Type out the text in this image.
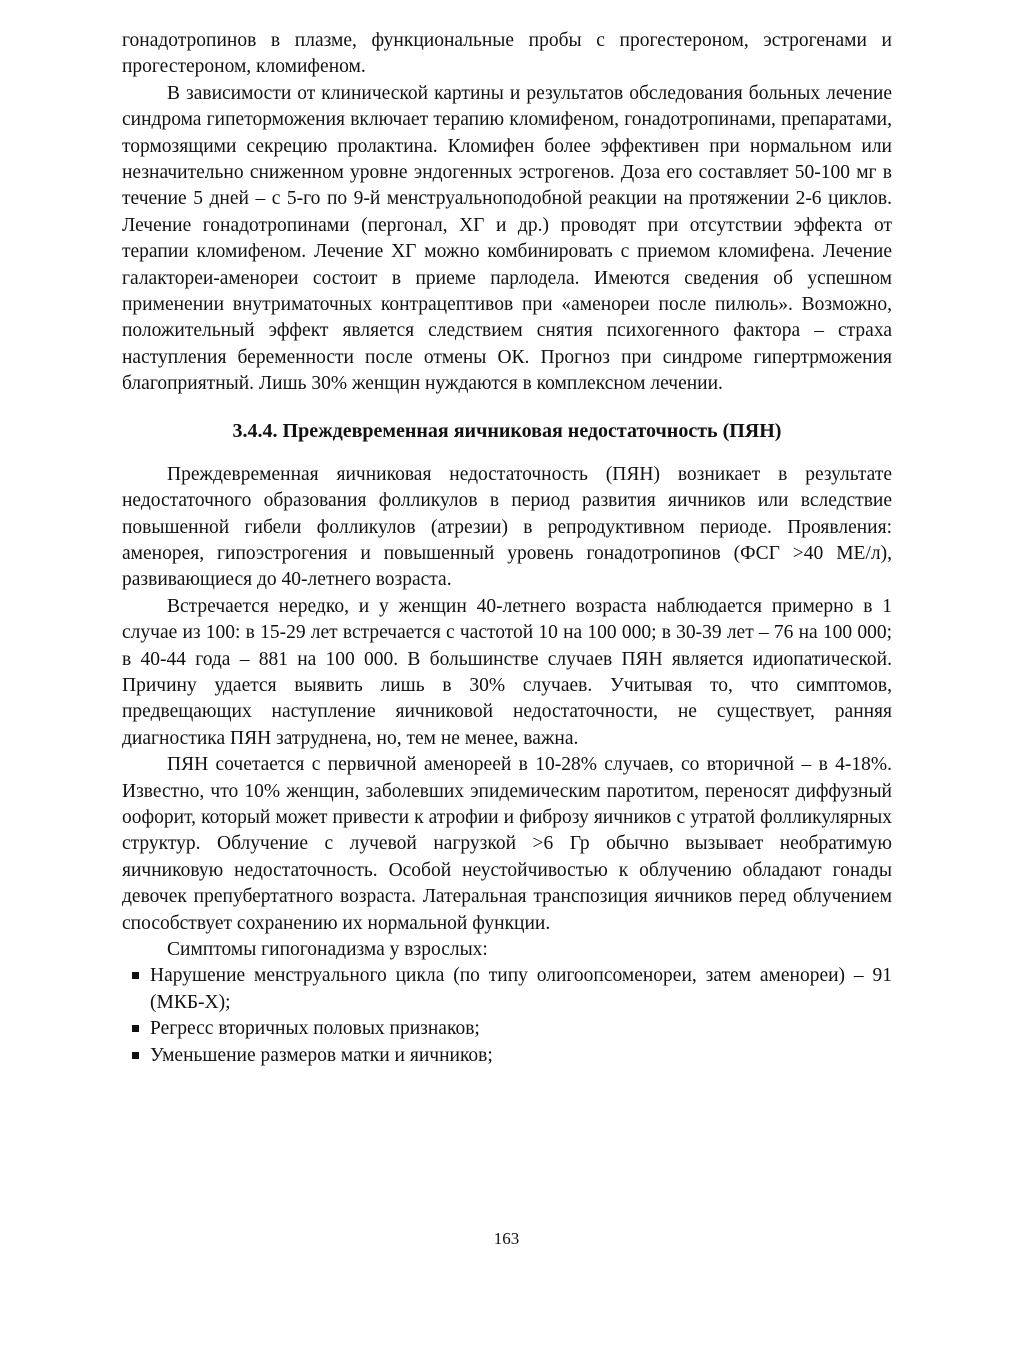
гонадотропинов в плазме, функциональные пробы с прогестероном, эстрогенами и прогестероном, кломифеном.

В зависимости от клинической картины и результатов обследования больных лечение синдрома гипеторможения включает терапию кломифеном, гонадотропинами, препаратами, тормозящими секрецию пролактина. Кломифен более эффективен при нормальном или незначительно сниженном уровне эндогенных эстрогенов. Доза его составляет 50-100 мг в течение 5 дней – с 5-го по 9-й менструальноподобной реакции на протяжении 2-6 циклов. Лечение гонадотропинами (пергонал, ХГ и др.) проводят при отсутствии эффекта от терапии кломифеном. Лечение ХГ можно комбинировать с приемом кломифена. Лечение галактореи-аменореи состоит в приеме парлодела. Имеются сведения об успешном применении внутриматочных контрацептивов при «аменореи после пилюль». Возможно, положительный эффект является следствием снятия психогенного фактора – страха наступления беременности после отмены ОК. Прогноз при синдроме гипертрможения благоприятный. Лишь 30% женщин нуждаются в комплексном лечении.

3.4.4. Преждевременная яичниковая недостаточность (ПЯН)

Преждевременная яичниковая недостаточность (ПЯН) возникает в результате недостаточного образования фолликулов в период развития яичников или вследствие повышенной гибели фолликулов (атрезии) в репродуктивном периоде. Проявления: аменорея, гипоэстрогения и повышенный уровень гонадотропинов (ФСГ >40 МЕ/л), развивающиеся до 40-летнего возраста.

Встречается нередко, и у женщин 40-летнего возраста наблюдается примерно в 1 случае из 100: в 15-29 лет встречается с частотой 10 на 100 000; в 30-39 лет – 76 на 100 000; в 40-44 года – 881 на 100 000. В большинстве случаев ПЯН является идиопатической. Причину удается выявить лишь в 30% случаев. Учитывая то, что симптомов, предвещающих наступление яичниковой недостаточности, не существует, ранняя диагностика ПЯН затруднена, но, тем не менее, важна.

ПЯН сочетается с первичной аменореей в 10-28% случаев, со вторичной – в 4-18%. Известно, что 10% женщин, заболевших эпидемическим паротитом, переносят диффузный оофорит, который может привести к атрофии и фиброзу яичников с утратой фолликулярных структур. Облучение с лучевой нагрузкой >6 Гр обычно вызывает необратимую яичниковую недостаточность. Особой неустойчивостью к облучению обладают гонады девочек препубертатного возраста. Латеральная транспозиция яичников перед облучением способствует сохранению их нормальной функции.

Симптомы гипогонадизма у взрослых:

Нарушение менструального цикла (по типу олигоопсоменореи, затем аменореи) – 91 (МКБ-Х);
Регресс вторичных половых признаков;
Уменьшение размеров матки и яичников;
163
